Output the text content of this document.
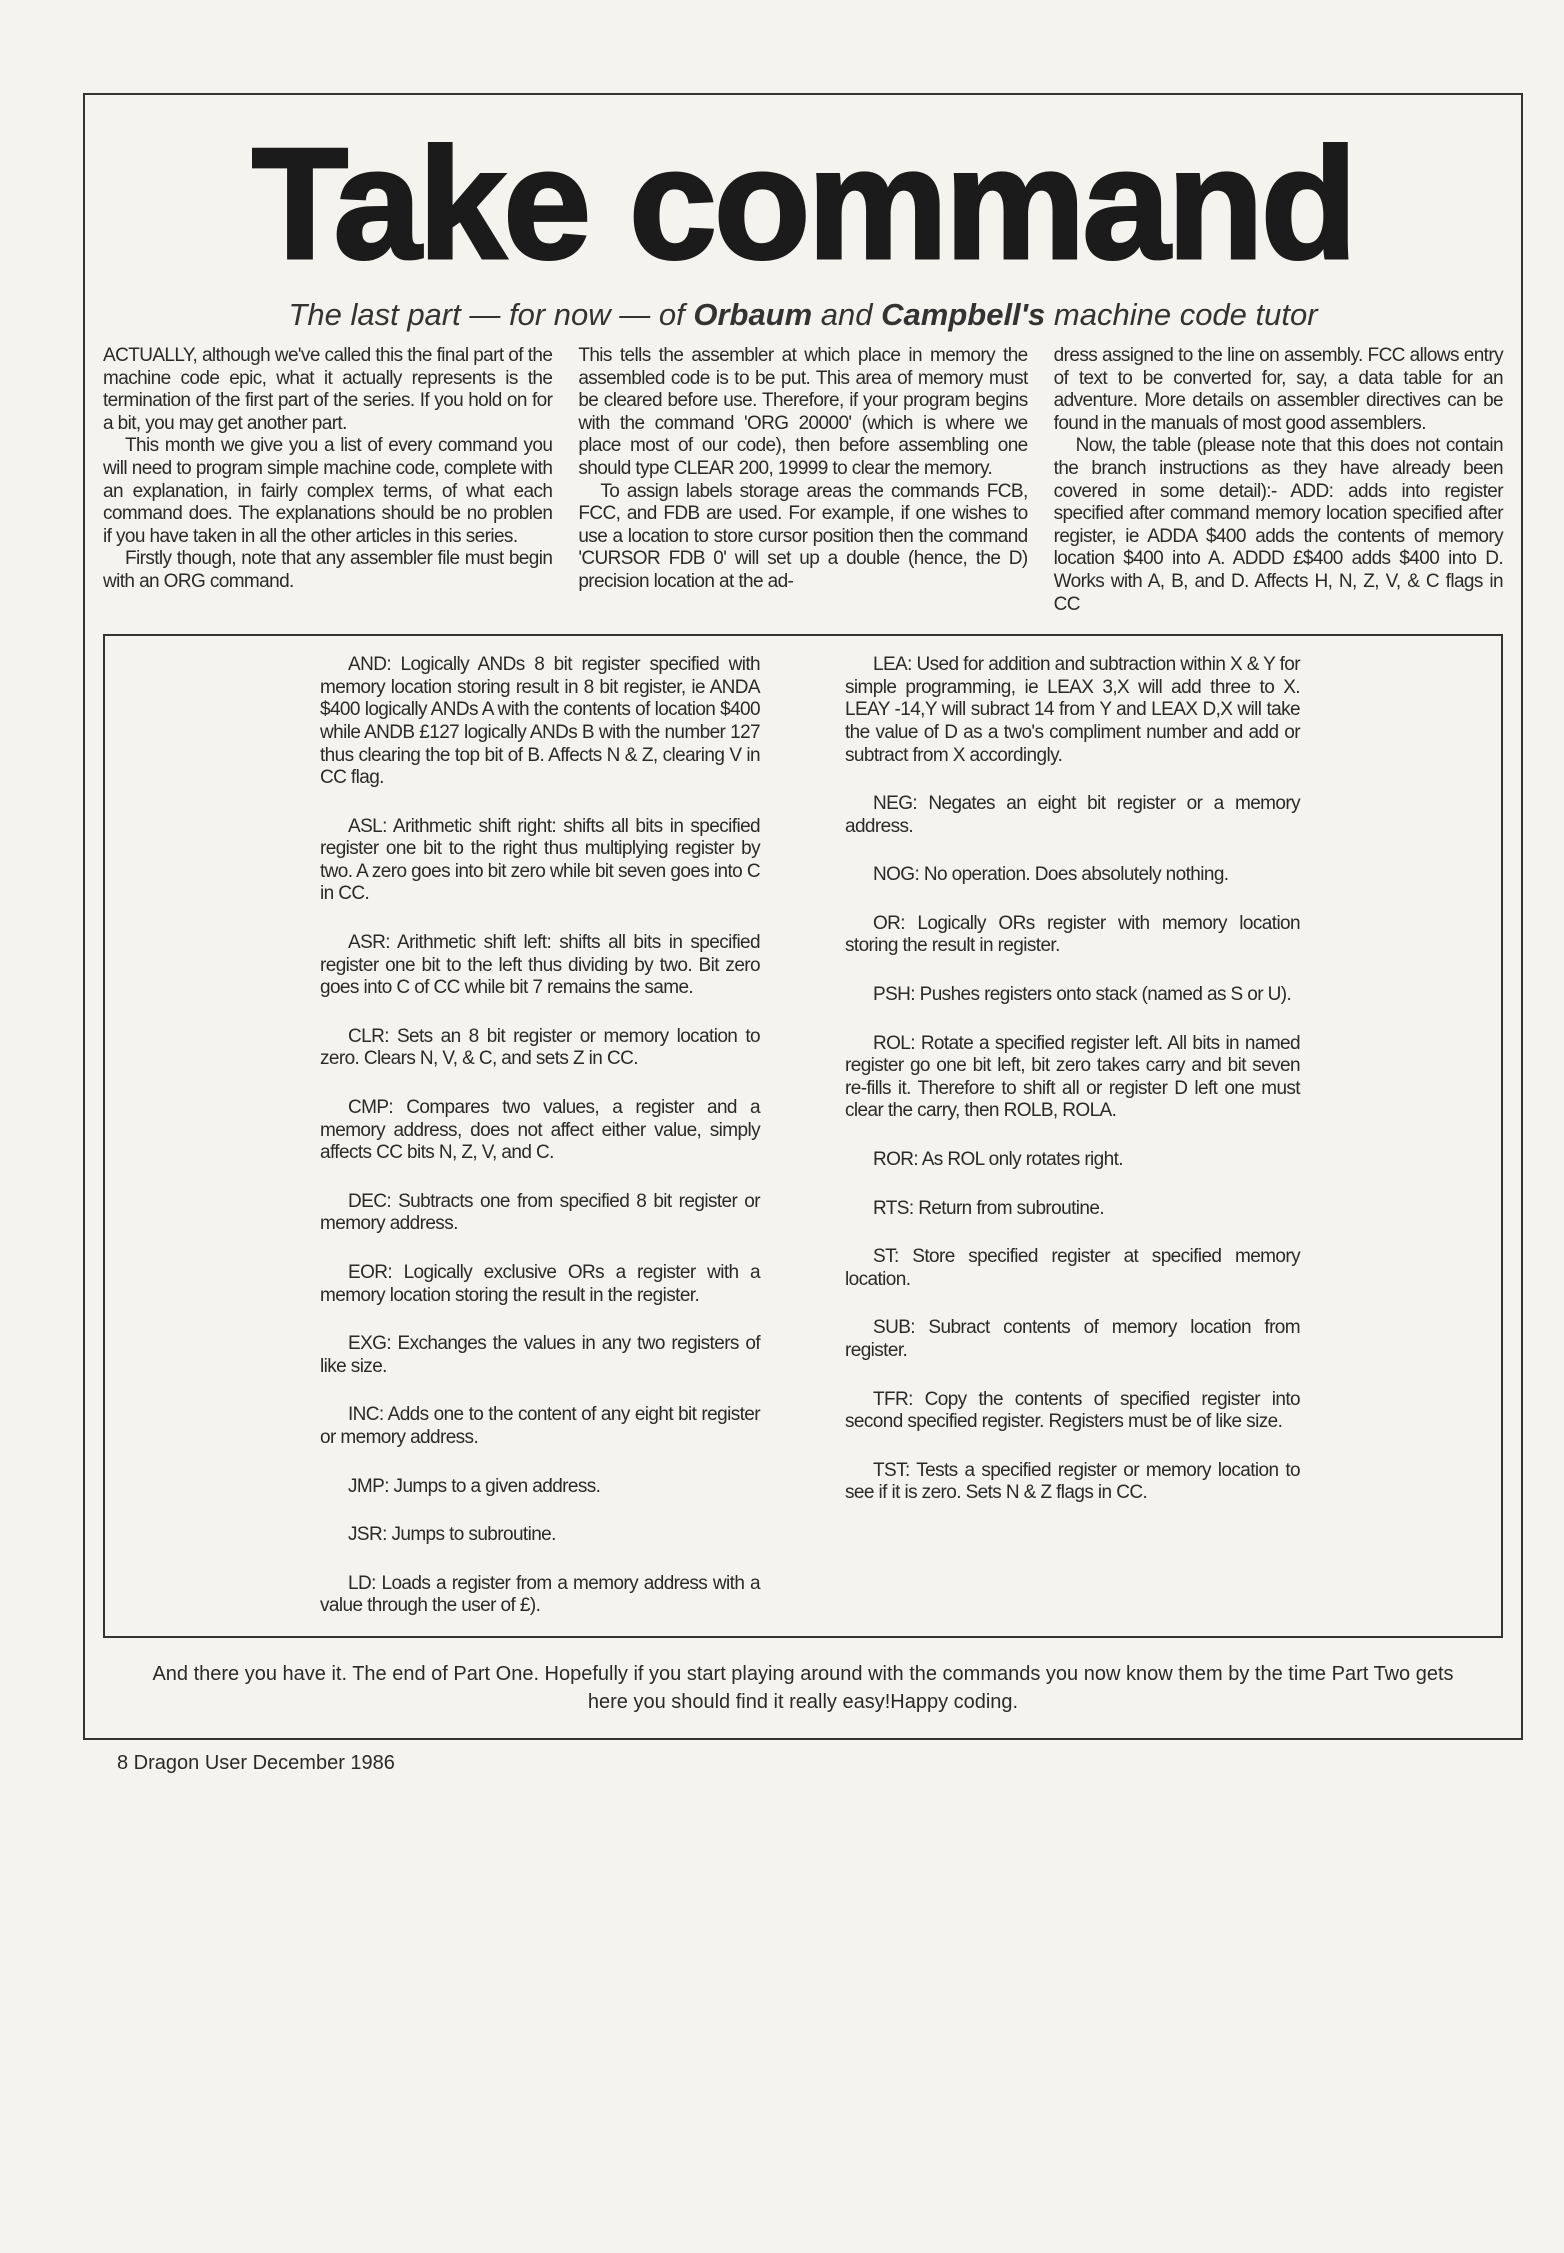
Take command
The last part — for now — of Orbaum and Campbell's machine code tutor

ACTUALLY, although we've called this the final part of the machine code epic, what it actually represents is the termination of the first part of the series. If you hold on for a bit, you may get another part.

This month we give you a list of every command you will need to program simple machine code, complete with an explanation, in fairly complex terms, of what each command does. The explanations should be no problen if you have taken in all the other articles in this series.

Firstly though, note that any assembler file must begin with an ORG command.

This tells the assembler at which place in memory the assembled code is to be put. This area of memory must be cleared before use. Therefore, if your program begins with the command 'ORG 20000' (which is where we place most of our code), then before assembling one should type CLEAR 200, 19999 to clear the memory.

To assign labels storage areas the commands FCB, FCC, and FDB are used. For example, if one wishes to use a location to store cursor position then the command 'CURSOR FDB 0' will set up a double (hence, the D) precision location at the ad-

dress assigned to the line on assembly. FCC allows entry of text to be converted for, say, a data table for an adventure. More details on assembler directives can be found in the manuals of most good assemblers.

Now, the table (please note that this does not contain the branch instructions as they have already been covered in some detail):- ADD: adds into register specified after command memory location specified after register, ie ADDA $400 adds the contents of memory location $400 into A. ADDD £$400 adds $400 into D. Works with A, B, and D. Affects H, N, Z, V, & C flags in CC

AND: Logically ANDs 8 bit register specified with memory location storing result in 8 bit register, ie ANDA $400 logically ANDs A with the contents of location $400 while ANDB £127 logically ANDs B with the number 127 thus clearing the top bit of B. Affects N & Z, clearing V in CC flag.

ASL: Arithmetic shift right: shifts all bits in specified register one bit to the right thus multiplying register by two. A zero goes into bit zero while bit seven goes into C in CC.

ASR: Arithmetic shift left: shifts all bits in specified register one bit to the left thus dividing by two. Bit zero goes into C of CC while bit 7 remains the same.

CLR: Sets an 8 bit register or memory location to zero. Clears N, V, & C, and sets Z in CC.

CMP: Compares two values, a register and a memory address, does not affect either value, simply affects CC bits N, Z, V, and C.

DEC: Subtracts one from specified 8 bit register or memory address.

EOR: Logically exclusive ORs a register with a memory location storing the result in the register.

EXG: Exchanges the values in any two registers of like size.

INC: Adds one to the content of any eight bit register or memory address.

JMP: Jumps to a given address.

JSR: Jumps to subroutine.

LD: Loads a register from a memory address with a value through the user of £).

LEA: Used for addition and subtraction within X & Y for simple programming, ie LEAX 3,X will add three to X. LEAY -14,Y will subract 14 from Y and LEAX D,X will take the value of D as a two's compliment number and add or subtract from X accordingly.

NEG: Negates an eight bit register or a memory address.

NOG: No operation. Does absolutely nothing.

OR: Logically ORs register with memory location storing the result in register.

PSH: Pushes registers onto stack (named as S or U).

ROL: Rotate a specified register left. All bits in named register go one bit left, bit zero takes carry and bit seven re-fills it. Therefore to shift all or register D left one must clear the carry, then ROLB, ROLA.

ROR: As ROL only rotates right.

RTS: Return from subroutine.

ST: Store specified register at specified memory location.

SUB: Subract contents of memory location from register.

TFR: Copy the contents of specified register into second specified register. Registers must be of like size.

TST: Tests a specified register or memory location to see if it is zero. Sets N & Z flags in CC.

And there you have it. The end of Part One. Hopefully if you start playing around with the commands you now know them by the time Part Two gets here you should find it really easy!Happy coding.
8 Dragon User December 1986
